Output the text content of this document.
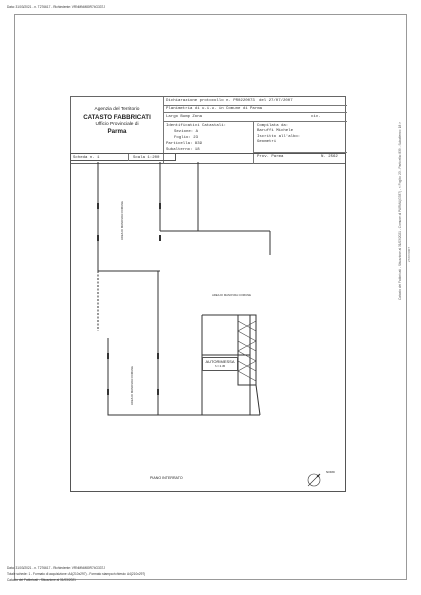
Data: 31/03/2021 - n. T276617 - Richiedente: VRNMNM80R74G337J
Catasto dei Fabbricati - Situazione al 31/03/2021 - Comune di PARMA(G337) - < Foglio: 23 - Particella: 839 - Subalterno: 18 > 27/07/2007
Agenzia del Territorio
CATASTO FABBRICATI
Ufficio Provinciale di
Parma
Dichiarazione protocollo n. PR0220073 del 27/07/2007
Planimetria di u.i.u. in Comune di Parma
Largo Bump Zona	civ.
Identificativi Catastali:
Sezione: A
Foglio: 23
Particella: 839
Subalterno: 18
Compilata da:
Baruffi Michele
Iscritto all'albo:
Geometri
Prov. Parma	N. 2562
Scheda n. 1	Scala 1:200
AREA DI MANOVRA COMUNE
AREA DI MANOVRA COMUNE
AREA DI MANOVRA COMUNE
AUTORIMESSA
h = 2.45
PIANO INTERRATO
NORD
Data: 31/03/2021 - n. T276617 - Richiedente: VRNMNM80R74G337J
Totale schede: 1 - Formato di acquisizione: A4(210x297) - Formato stampa richiesto: A4(210x297)
Catasto dei Fabbricati - Situazione al 31/03/2021
